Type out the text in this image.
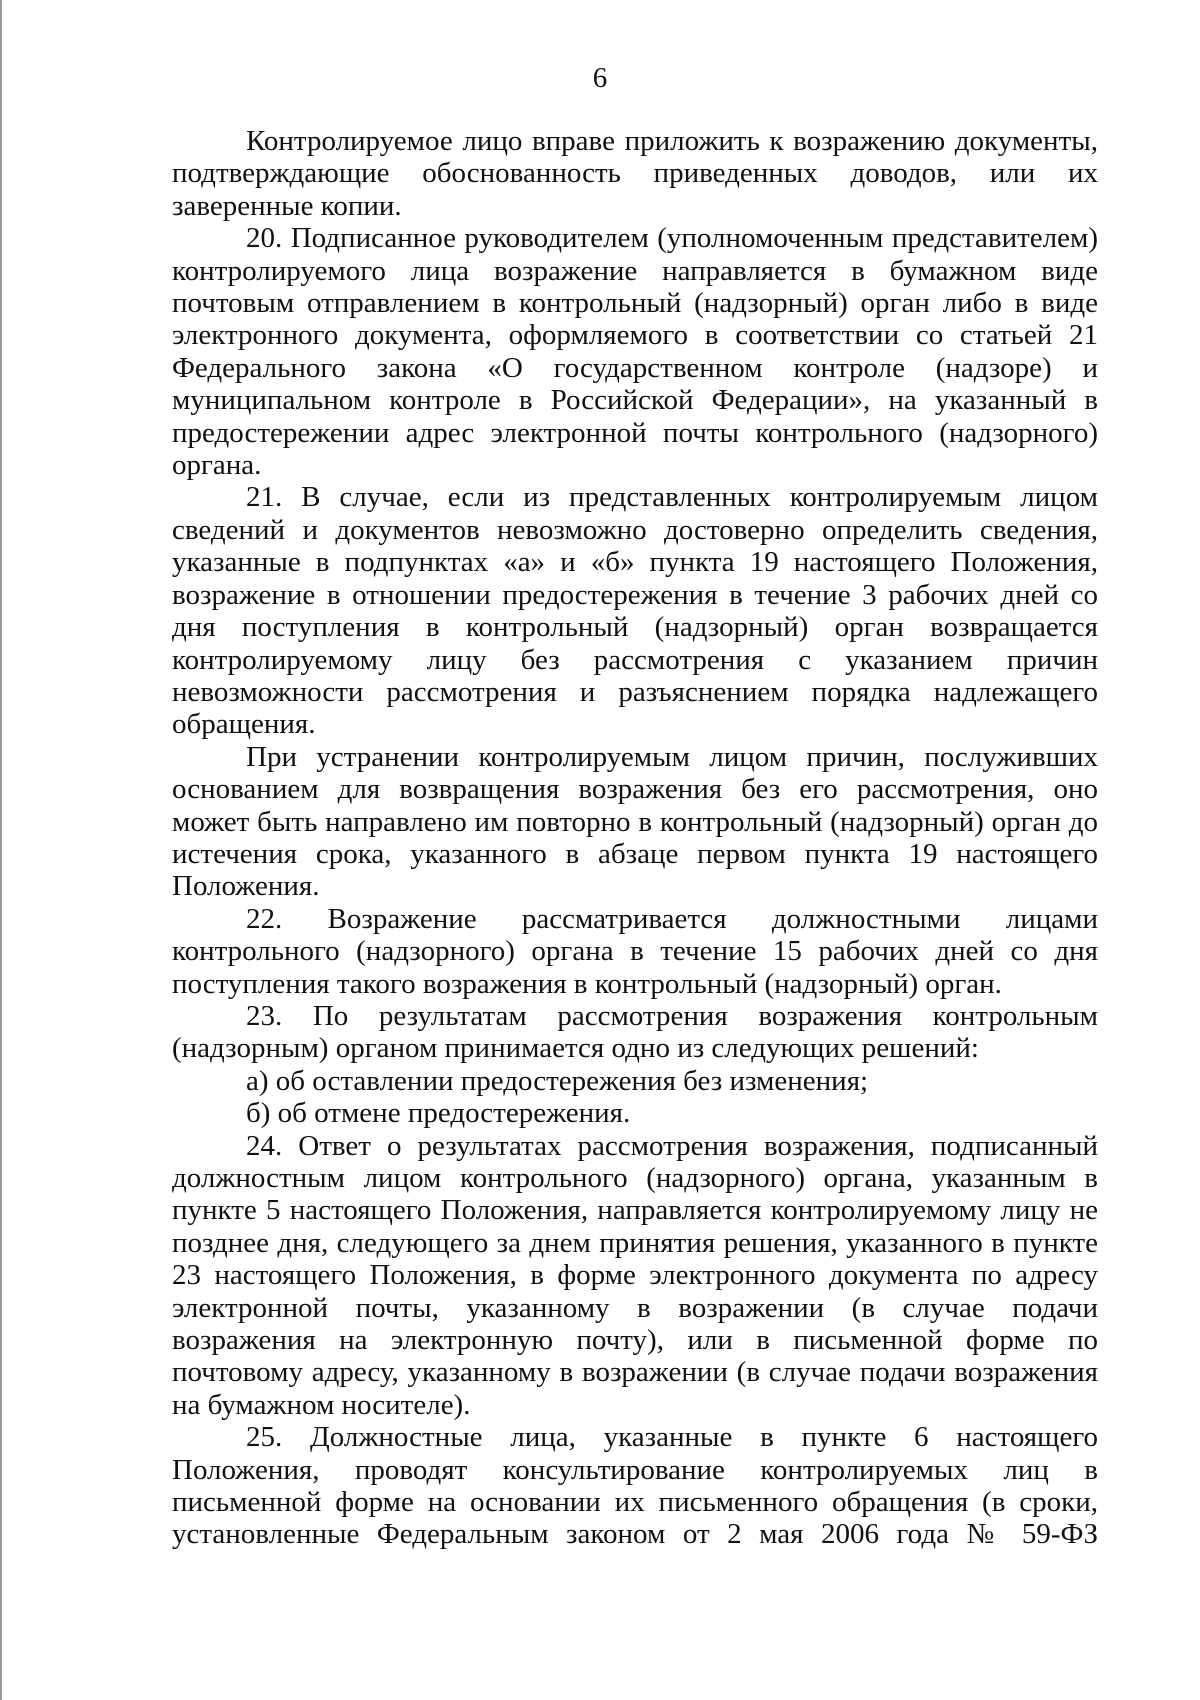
6

Контролируемое лицо вправе приложить к возражению документы, подтверждающие обоснованность приведенных доводов, или их заверенные копии.

20. Подписанное руководителем (уполномоченным представителем) контролируемого лица возражение направляется в бумажном виде почтовым отправлением в контрольный (надзорный) орган либо в виде электронного документа, оформляемого в соответствии со статьей 21 Федерального закона «О государственном контроле (надзоре) и муниципальном контроле в Российской Федерации», на указанный в предостережении адрес электронной почты контрольного (надзорного) органа.

21. В случае, если из представленных контролируемым лицом сведений и документов невозможно достоверно определить сведения, указанные в подпунктах «а» и «б» пункта 19 настоящего Положения, возражение в отношении предостережения в течение 3 рабочих дней со дня поступления в контрольный (надзорный) орган возвращается контролируемому лицу без рассмотрения с указанием причин невозможности рассмотрения и разъяснением порядка надлежащего обращения.

При устранении контролируемым лицом причин, послуживших основанием для возвращения возражения без его рассмотрения, оно может быть направлено им повторно в контрольный (надзорный) орган до истечения срока, указанного в абзаце первом пункта 19 настоящего Положения.

22. Возражение рассматривается должностными лицами контрольного (надзорного) органа в течение 15 рабочих дней со дня поступления такого возражения в контрольный (надзорный) орган.

23. По результатам рассмотрения возражения контрольным (надзорным) органом принимается одно из следующих решений:

а) об оставлении предостережения без изменения;

б) об отмене предостережения.

24. Ответ о результатах рассмотрения возражения, подписанный должностным лицом контрольного (надзорного) органа, указанным в пункте 5 настоящего Положения, направляется контролируемому лицу не позднее дня, следующего за днем принятия решения, указанного в пункте 23 настоящего Положения, в форме электронного документа по адресу электронной почты, указанному в возражении (в случае подачи возражения на электронную почту), или в письменной форме по почтовому адресу, указанному в возражении (в случае подачи возражения на бумажном носителе).

25. Должностные лица, указанные в пункте 6 настоящего Положения, проводят консультирование контролируемых лиц в письменной форме на основании их письменного обращения (в сроки, установленные Федеральным законом от 2 мая 2006 года № 59-ФЗ
